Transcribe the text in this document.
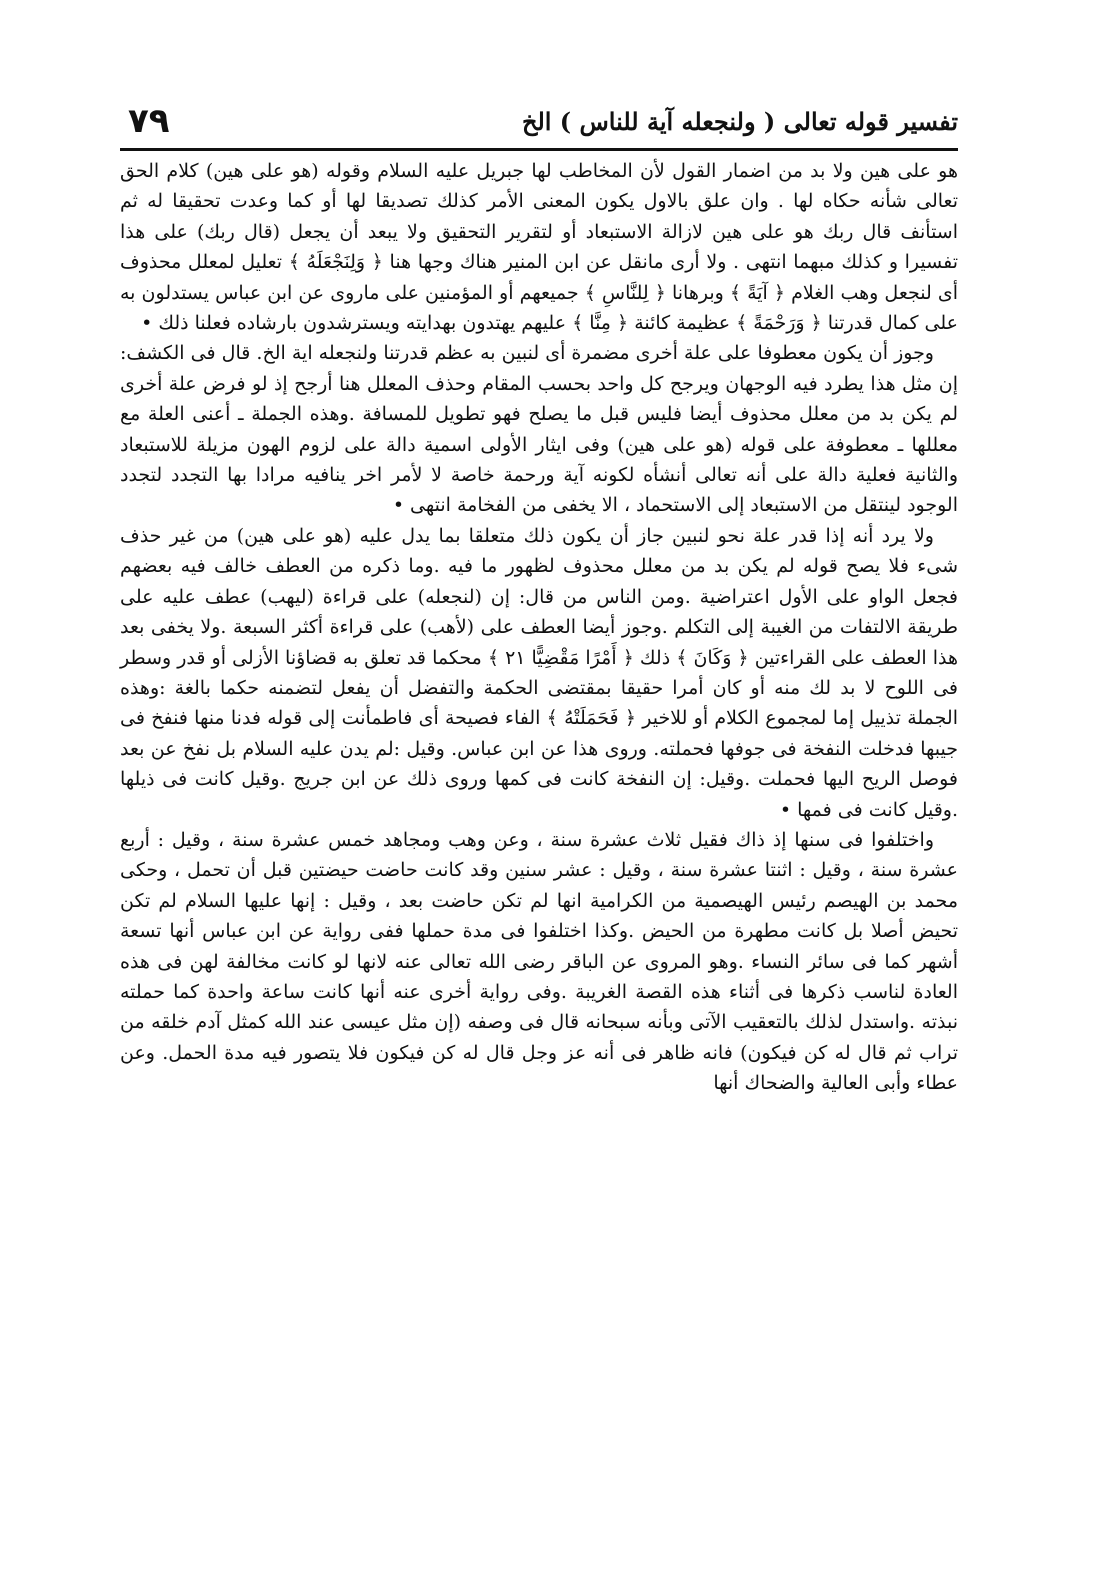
٧٩	تفسير قوله تعالى ( ولنجعله آية للناس ) الخ

هو على هين ولا بد من اضمار القول لأن المخاطب لها جبريل عليه السلام وقوله (هو على هين) كلام الحق تعالى شأنه حكاه لها . وان علق بالاول يكون المعنى الأمر كذلك تصديقا لها أو كما وعدت تحقيقا له ثم استأنف قال ربك هو على هين لازالة الاستبعاد أو لتقرير التحقيق ولا يبعد أن يجعل (قال ربك) على هذا تفسيرا و كذلك مبهما انتهى . ولا أرى مانقل عن ابن المنير هناك وجها هنا ﴿ وَلِنَجْعَلَهُ ﴾ تعليل لمعلل محذوف أى لنجعل وهب الغلام ﴿ آيَةً ﴾ وبرهانا ﴿ لِلنَّاسِ ﴾ جميعهم أو المؤمنين على ماروى عن ابن عباس يستدلون به على كمال قدرتنا ﴿ وَرَحْمَةً ﴾ عظيمة كائنة ﴿ مِنَّا ﴾ عليهم يهتدون بهدايته ويسترشدون بارشاده فعلنا ذلك •

وجوز أن يكون معطوفا على علة أخرى مضمرة أى لنبين به عظم قدرتنا ولنجعله اية الخ. قال فى الكشف: إن مثل هذا يطرد فيه الوجهان ويرجح كل واحد بحسب المقام وحذف المعلل هنا أرجح إذ لو فرض علة أخرى لم يكن بد من معلل محذوف أيضا فليس قبل ما يصلح فهو تطويل للمسافة .وهذه الجملة ـ أعنى العلة مع معللها ـ معطوفة على قوله (هو على هين) وفى ايثار الأولى اسمية دالة على لزوم الهون مزيلة للاستبعاد والثانية فعلية دالة على أنه تعالى أنشأه لكونه آية ورحمة خاصة لا لأمر اخر ينافيه مرادا بها التجدد لتجدد الوجود لينتقل من الاستبعاد إلى الاستحماد ، الا يخفى من الفخامة انتهى •

ولا يرد أنه إذا قدر علة نحو لنبين جاز أن يكون ذلك متعلقا بما يدل عليه (هو على هين) من غير حذف شىء فلا يصح قوله لم يكن بد من معلل محذوف لظهور ما فيه .وما ذكره من العطف خالف فيه بعضهم فجعل الواو على الأول اعتراضية .ومن الناس من قال: إن (لنجعله) على قراءة (ليهب) عطف عليه على طريقة الالتفات من الغيبة إلى التكلم .وجوز أيضا العطف على (لأهب) على قراءة أكثر السبعة .ولا يخفى بعد هذا العطف على القراءتين ﴿ وَكَانَ ﴾ ذلك ﴿ أَمْرًا مَقْضِيًّا ٢١ ﴾ محكما قد تعلق به قضاؤنا الأزلى أو قدر وسطر فى اللوح لا بد لك منه أو كان أمرا حقيقا بمقتضى الحكمة والتفضل أن يفعل لتضمنه حكما بالغة :وهذه الجملة تذييل إما لمجموع الكلام أو للاخير ﴿ فَحَمَلَتْهُ ﴾ الفاء فصيحة أى فاطمأنت إلى قوله فدنا منها فنفخ فى جيبها فدخلت النفخة فى جوفها فحملته. وروى هذا عن ابن عباس. وقيل :لم يدن عليه السلام بل نفخ عن بعد فوصل الريح اليها فحملت .وقيل: إن النفخة كانت فى كمها وروى ذلك عن ابن جريج .وقيل كانت فى ذيلها .وقيل كانت فى فمها •

واختلفوا فى سنها إذ ذاك فقيل ثلاث عشرة سنة ، وعن وهب ومجاهد خمس عشرة سنة ، وقيل : أربع عشرة سنة ، وقيل : اثنتا عشرة سنة ، وقيل : عشر سنين وقد كانت حاضت حيضتين قبل أن تحمل ، وحكى محمد بن الهيصم رئيس الهيصمية من الكرامية انها لم تكن حاضت بعد ، وقيل : إنها عليها السلام لم تكن تحيض أصلا بل كانت مطهرة من الحيض .وكذا اختلفوا فى مدة حملها ففى رواية عن ابن عباس أنها تسعة أشهر كما فى سائر النساء .وهو المروى عن الباقر رضى الله تعالى عنه لانها لو كانت مخالفة لهن فى هذه العادة لناسب ذكرها فى أثناء هذه القصة الغريبة .وفى رواية أخرى عنه أنها كانت ساعة واحدة كما حملته نبذته .واستدل لذلك بالتعقيب الآتى وبأنه سبحانه قال فى وصفه (إن مثل عيسى عند الله كمثل آدم خلقه من تراب ثم قال له كن فيكون) فانه ظاهر فى أنه عز وجل قال له كن فيكون فلا يتصور فيه مدة الحمل. وعن عطاء وأبى العالية والضحاك أنها
